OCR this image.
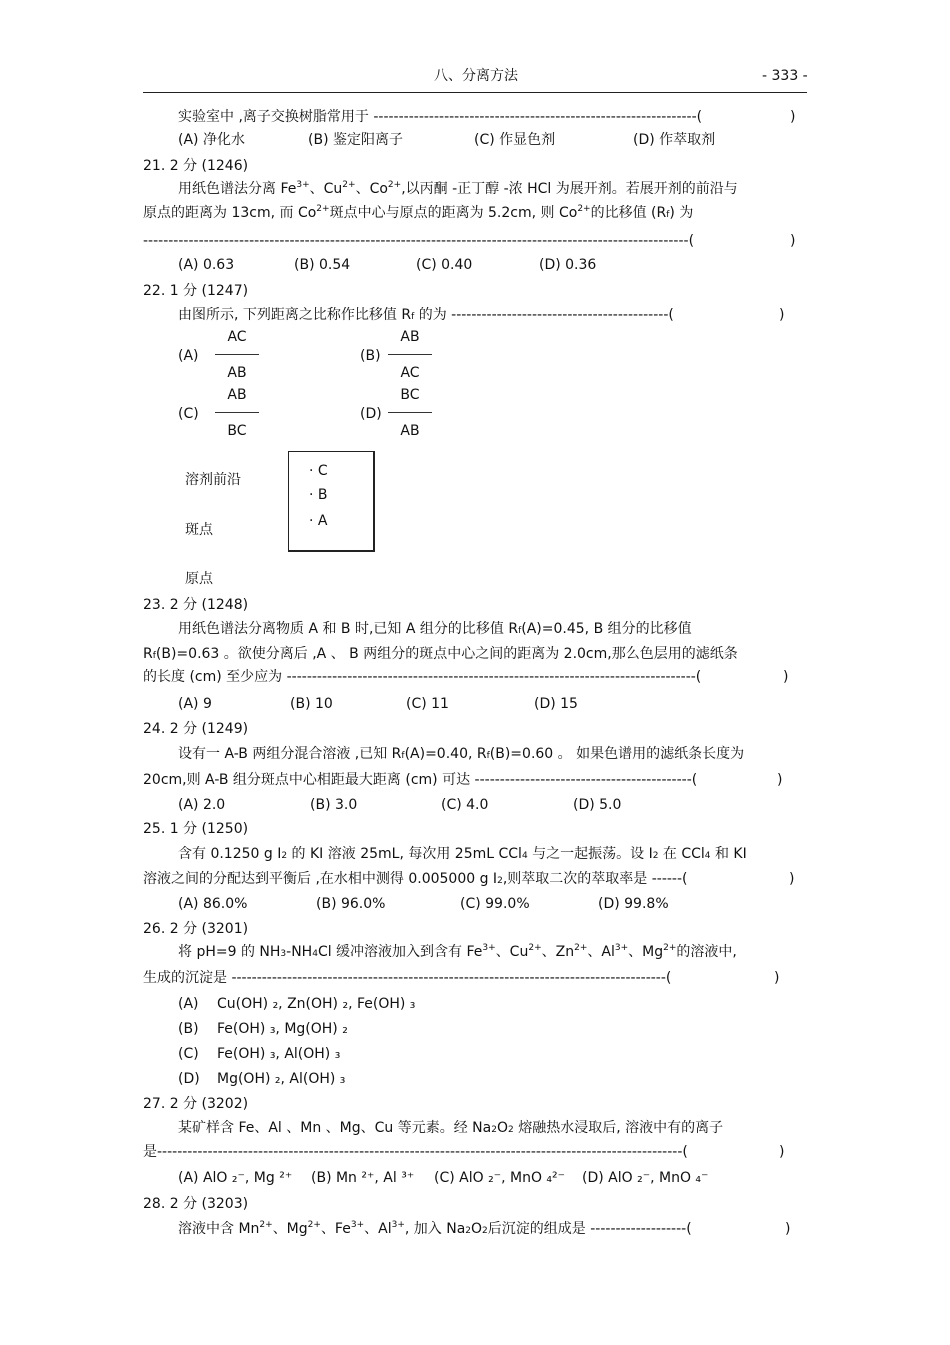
八、分离方法	- 333 -
实验室中 ,离子交换树脂常用于 ----------------------------------------------------------------(	)
(A) 净化水	(B) 鉴定阳离子	(C) 作显色剂	(D) 作萃取剂
21. 2 分 (1246)
用纸色谱法分离 $Fe^{3+}$、$Cu^{2+}$、$Co^{2+}$,以丙酮 -正丁醇 -浓 HCl 为展开剂。若展开剂的前沿与
原点的距离为 13cm, 而 $Co^{2+}$斑点中心与原点的距离为 5.2cm, 则 $Co^{2+}$的比移值 (Rf) 为
------------------------------------------------------------------------------------------------------------(	)
(A) 0.63	(B) 0.54	(C) 0.40	(D) 0.36
22. 1 分 (1247)
由图所示, 下列距离之比称作比移值 Rf 的为 -------------------------------------------(	)
(A)
AC
AB
(B)
AB
AC
(C)
AB
BC
(D)
BC
AB
溶剂前沿
斑点
原点
· C
· B
· A
23. 2 分 (1248)
用纸色谱法分离物质 A 和 B 时,已知 A 组分的比移值 Rf(A)=0.45, B 组分的比移值
Rf(B)=0.63 。欲使分离后 ,A 、 B 两组分的斑点中心之间的距离为 2.0cm,那么色层用的滤纸条
的长度 (cm) 至少应为 ---------------------------------------------------------------------------------(	)
(A) 9	(B) 10	(C) 11	(D) 15
24. 2 分 (1249)
设有一 A-B 两组分混合溶液 ,已知 Rf(A)=0.40, Rf(B)=0.60 。 如果色谱用的滤纸条长度为
20cm,则 A-B 组分斑点中心相距最大距离 (cm) 可达 -------------------------------------------(	)
(A) 2.0	(B) 3.0	(C) 4.0	(D) 5.0
25. 1 分 (1250)
含有 0.1250 g I2 的 KI 溶液 25mL, 每次用 25mL CCl4 与之一起振荡。设 I2 在 CCl4 和 KI
溶液之间的分配达到平衡后 ,在水相中测得 0.005000 g I2,则萃取二次的萃取率是 ------(	)
(A) 86.0%	(B) 96.0%	(C) 99.0%	(D) 99.8%
26. 2 分 (3201)
将 pH=9 的 NH3-NH4Cl 缓冲溶液加入到含有 $Fe^{3+}$、$Cu^{2+}$、$Zn^{2+}$、$Al^{3+}$、$Mg^{2+}$的溶液中,
生成的沉淀是 --------------------------------------------------------------------------------------(	)
(A) Cu(OH) ₂, Zn(OH) ₂, Fe(OH) ₃
(B) Fe(OH) ₃, Mg(OH) ₂
(C) Fe(OH) ₃, Al(OH) ₃
(D) Mg(OH) ₂, Al(OH) ₃
27. 2 分 (3202)
某矿样含 Fe、Al 、Mn 、Mg、Cu 等元素。经 Na2O2 熔融热水浸取后, 溶液中有的离子
是--------------------------------------------------------------------------------------------------------(	)
(A) AlO ₂⁻, Mg ²⁺ (B) Mn ²⁺, Al ³⁺ (C) AlO ₂⁻, MnO ₄²⁻ (D) AlO ₂⁻, MnO ₄⁻
28. 2 分 (3203)
溶液中含 $Mn^{2+}$、$Mg^{2+}$、$Fe^{3+}$、$Al^{3+}$, 加入 Na2O2后沉淀的组成是 -------------------(	)
